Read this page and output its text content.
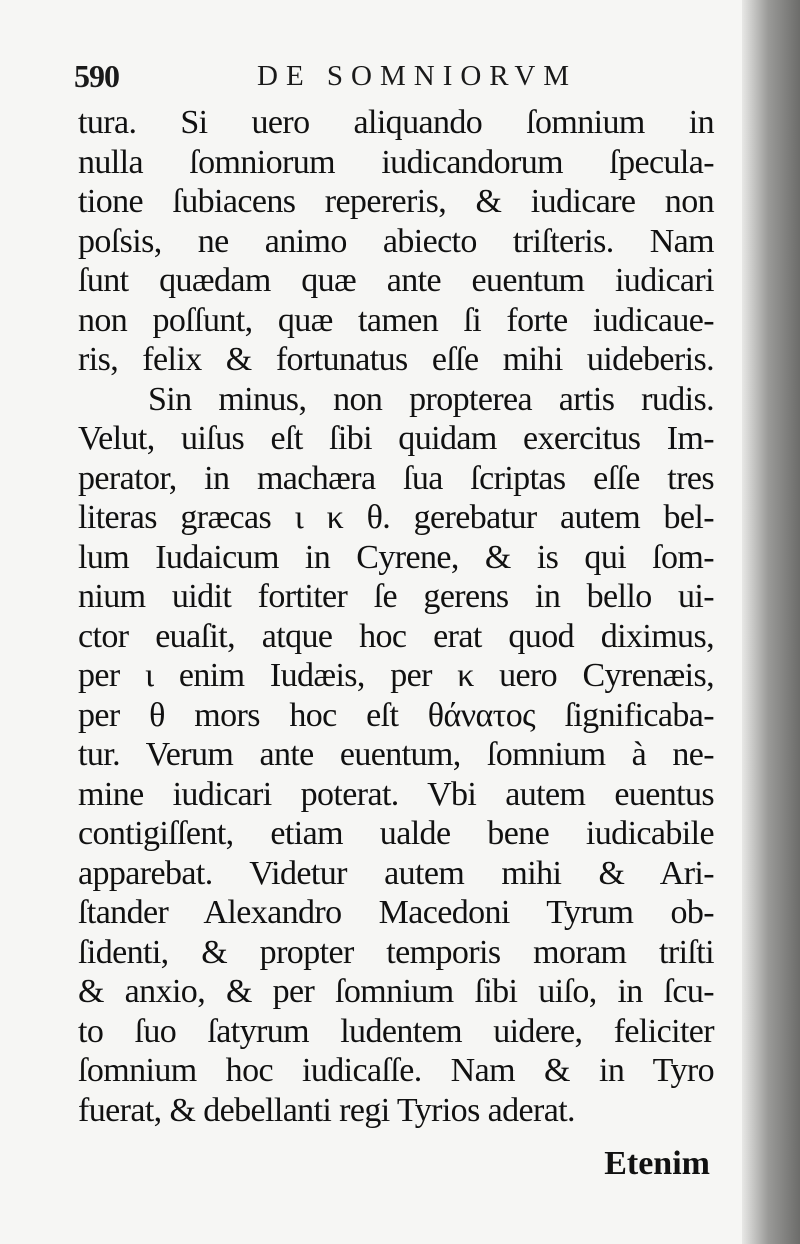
590	DE SOMNIORVM
tura. Si uero aliquando ſomnium in
nulla ſomniorum iudicandorum ſpecula-
tione ſubiacens repereris, & iudicare non
poſsis, ne animo abiecto triſteris. Nam
ſunt quædam quæ ante euentum iudicari
non poſſunt, quæ tamen ſi forte iudicaue-
ris, felix & fortunatus eſſe mihi uideberis.
Sin minus, non propterea artis rudis.
Velut, uiſus eſt ſibi quidam exercitus Im-
perator, in machæra ſua ſcriptas eſſe tres
literas græcas ι κ θ. gerebatur autem bel-
lum Iudaicum in Cyrene, & is qui ſom-
nium uidit fortiter ſe gerens in bello ui-
ctor euaſit, atque hoc erat quod diximus,
per ι enim Iudæis, per κ uero Cyrenæis,
per θ mors hoc eſt θάνατος ſignificaba-
tur. Verum ante euentum, ſomnium à ne-
mine iudicari poterat. Vbi autem euentus
contigiſſent, etiam ualde bene iudicabile
apparebat. Videtur autem mihi & Ari-
ſtander Alexandro Macedoni Tyrum ob-
ſidenti, & propter temporis moram triſti
& anxio, & per ſomnium ſibi uiſo, in ſcu-
to ſuo ſatyrum ludentem uidere, feliciter
ſomnium hoc iudicaſſe. Nam & in Tyro
fuerat, & debellanti regi Tyrios aderat.
Etenim
